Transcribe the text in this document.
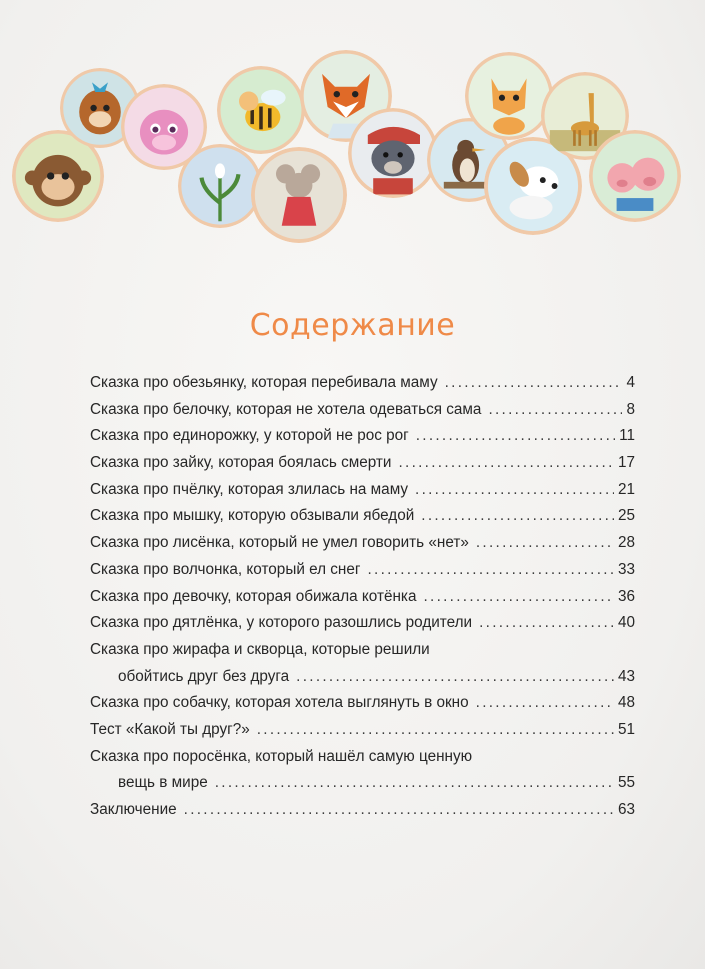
Содержание
Сказка про обезьянку, которая перебивала маму .....	4
Сказка про белочку, которая не хотела одеваться сама .....	8
Сказка про единорожку, у которой не рос рог .....	11
Сказка про зайку, которая боялась смерти .....	17
Сказка про пчёлку, которая злилась на маму .....	21
Сказка про мышку, которую обзывали ябедой .....	25
Сказка про лисёнка, который не умел говорить «нет» .....	28
Сказка про волчонка, который ел снег .....	33
Сказка про девочку, которая обижала котёнка .....	36
Сказка про дятлёнка, у которого разошлись родители .....	40
Сказка про жирафа и скворца, которые решили
обойтись друг без друга .....	43
Сказка про собачку, которая хотела выглянуть в окно .....	48
Тест «Какой ты друг?» .....	51
Сказка про поросёнка, который нашёл самую ценную
вещь в мире .....	55
Заключение .....	63
